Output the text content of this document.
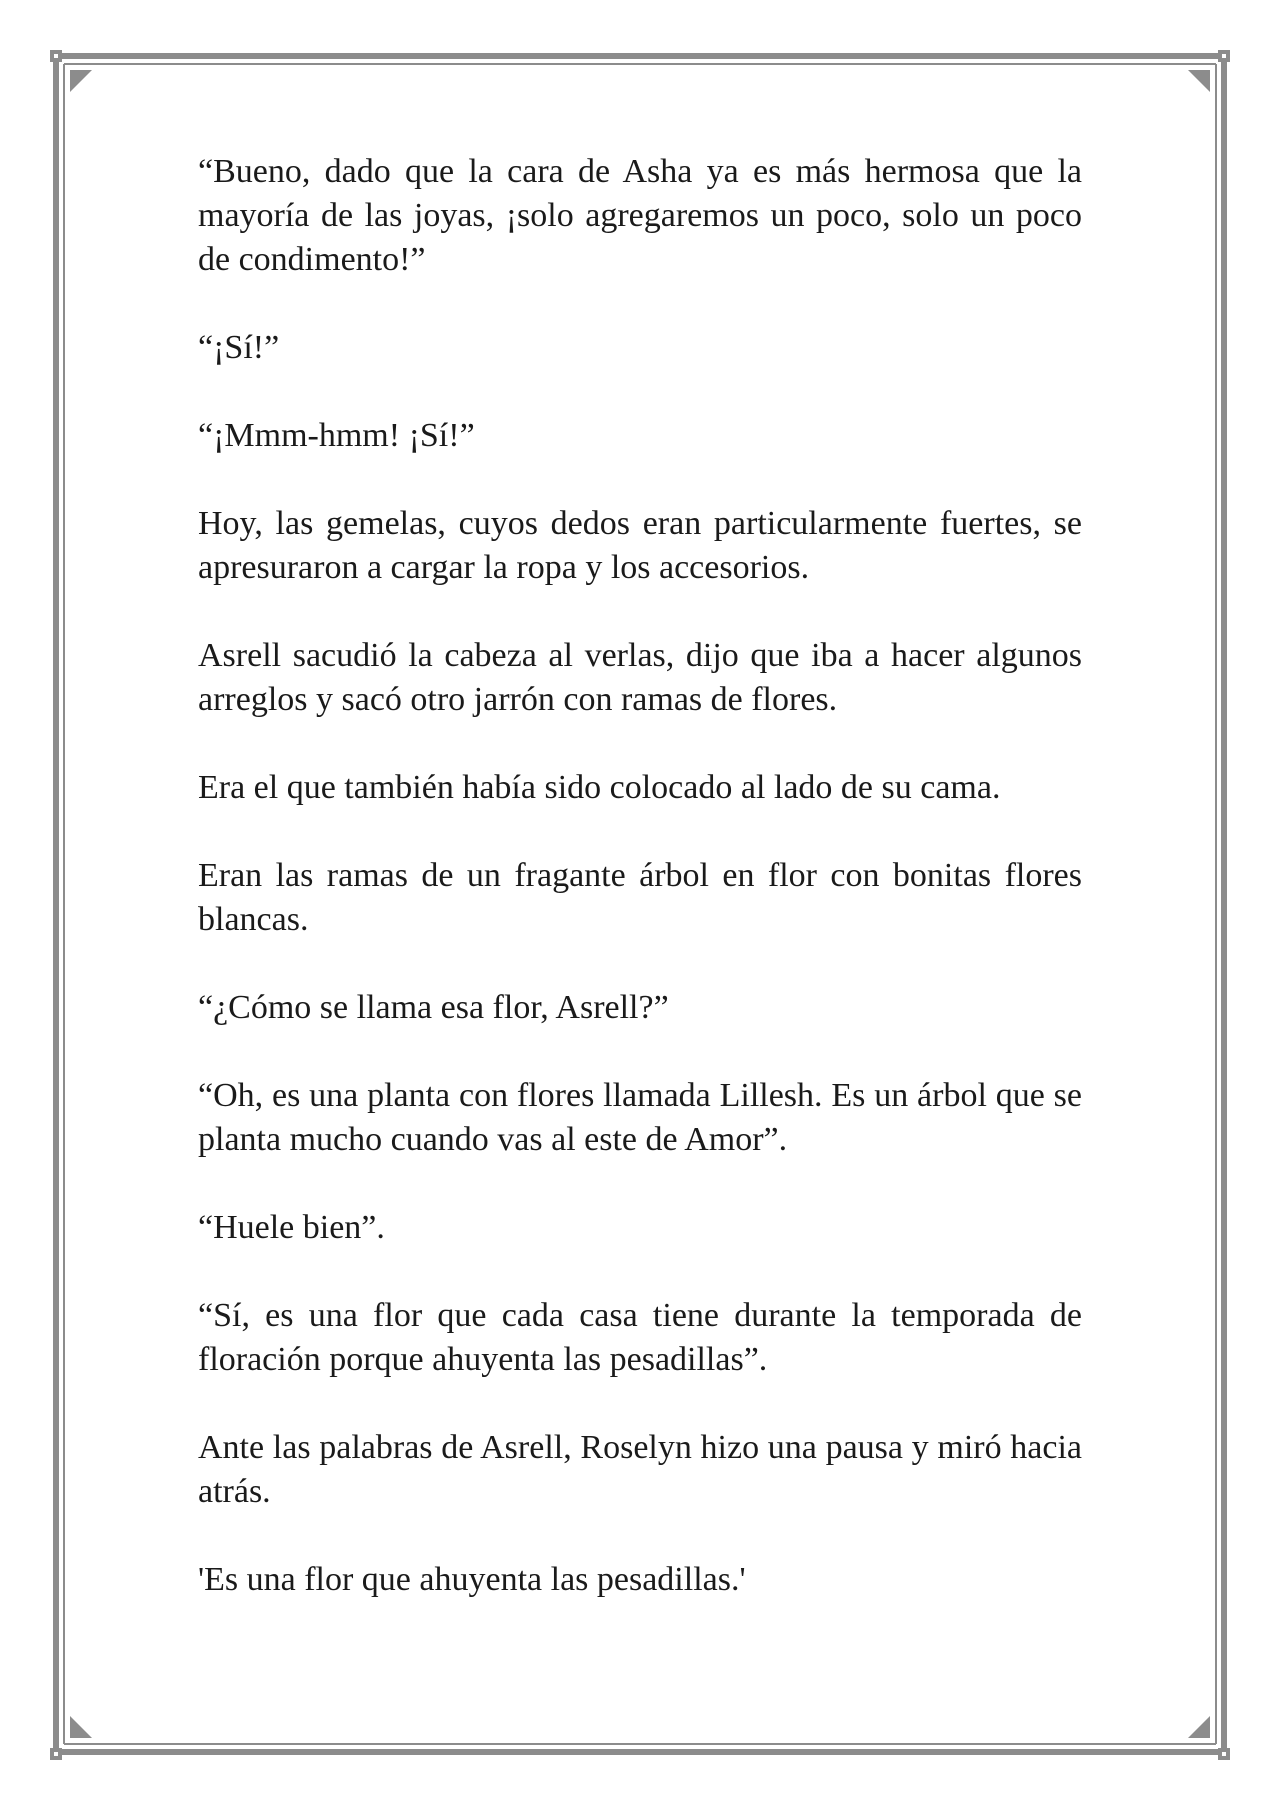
“Bueno, dado que la cara de Asha ya es más hermosa que la mayoría de las joyas, ¡solo agregaremos un poco, solo un poco de condimento!”

“¡Sí!”

“¡Mmm-hmm! ¡Sí!”

Hoy, las gemelas, cuyos dedos eran particularmente fuertes, se apresuraron a cargar la ropa y los accesorios.

Asrell sacudió la cabeza al verlas, dijo que iba a hacer algunos arreglos y sacó otro jarrón con ramas de flores.

Era el que también había sido colocado al lado de su cama.

Eran las ramas de un fragante árbol en flor con bonitas flores blancas.

“¿Cómo se llama esa flor, Asrell?”

“Oh, es una planta con flores llamada Lillesh. Es un árbol que se planta mucho cuando vas al este de Amor”.

“Huele bien”.

“Sí, es una flor que cada casa tiene durante la temporada de floración porque ahuyenta las pesadillas”.

Ante las palabras de Asrell, Roselyn hizo una pausa y miró hacia atrás.

'Es una flor que ahuyenta las pesadillas.'
